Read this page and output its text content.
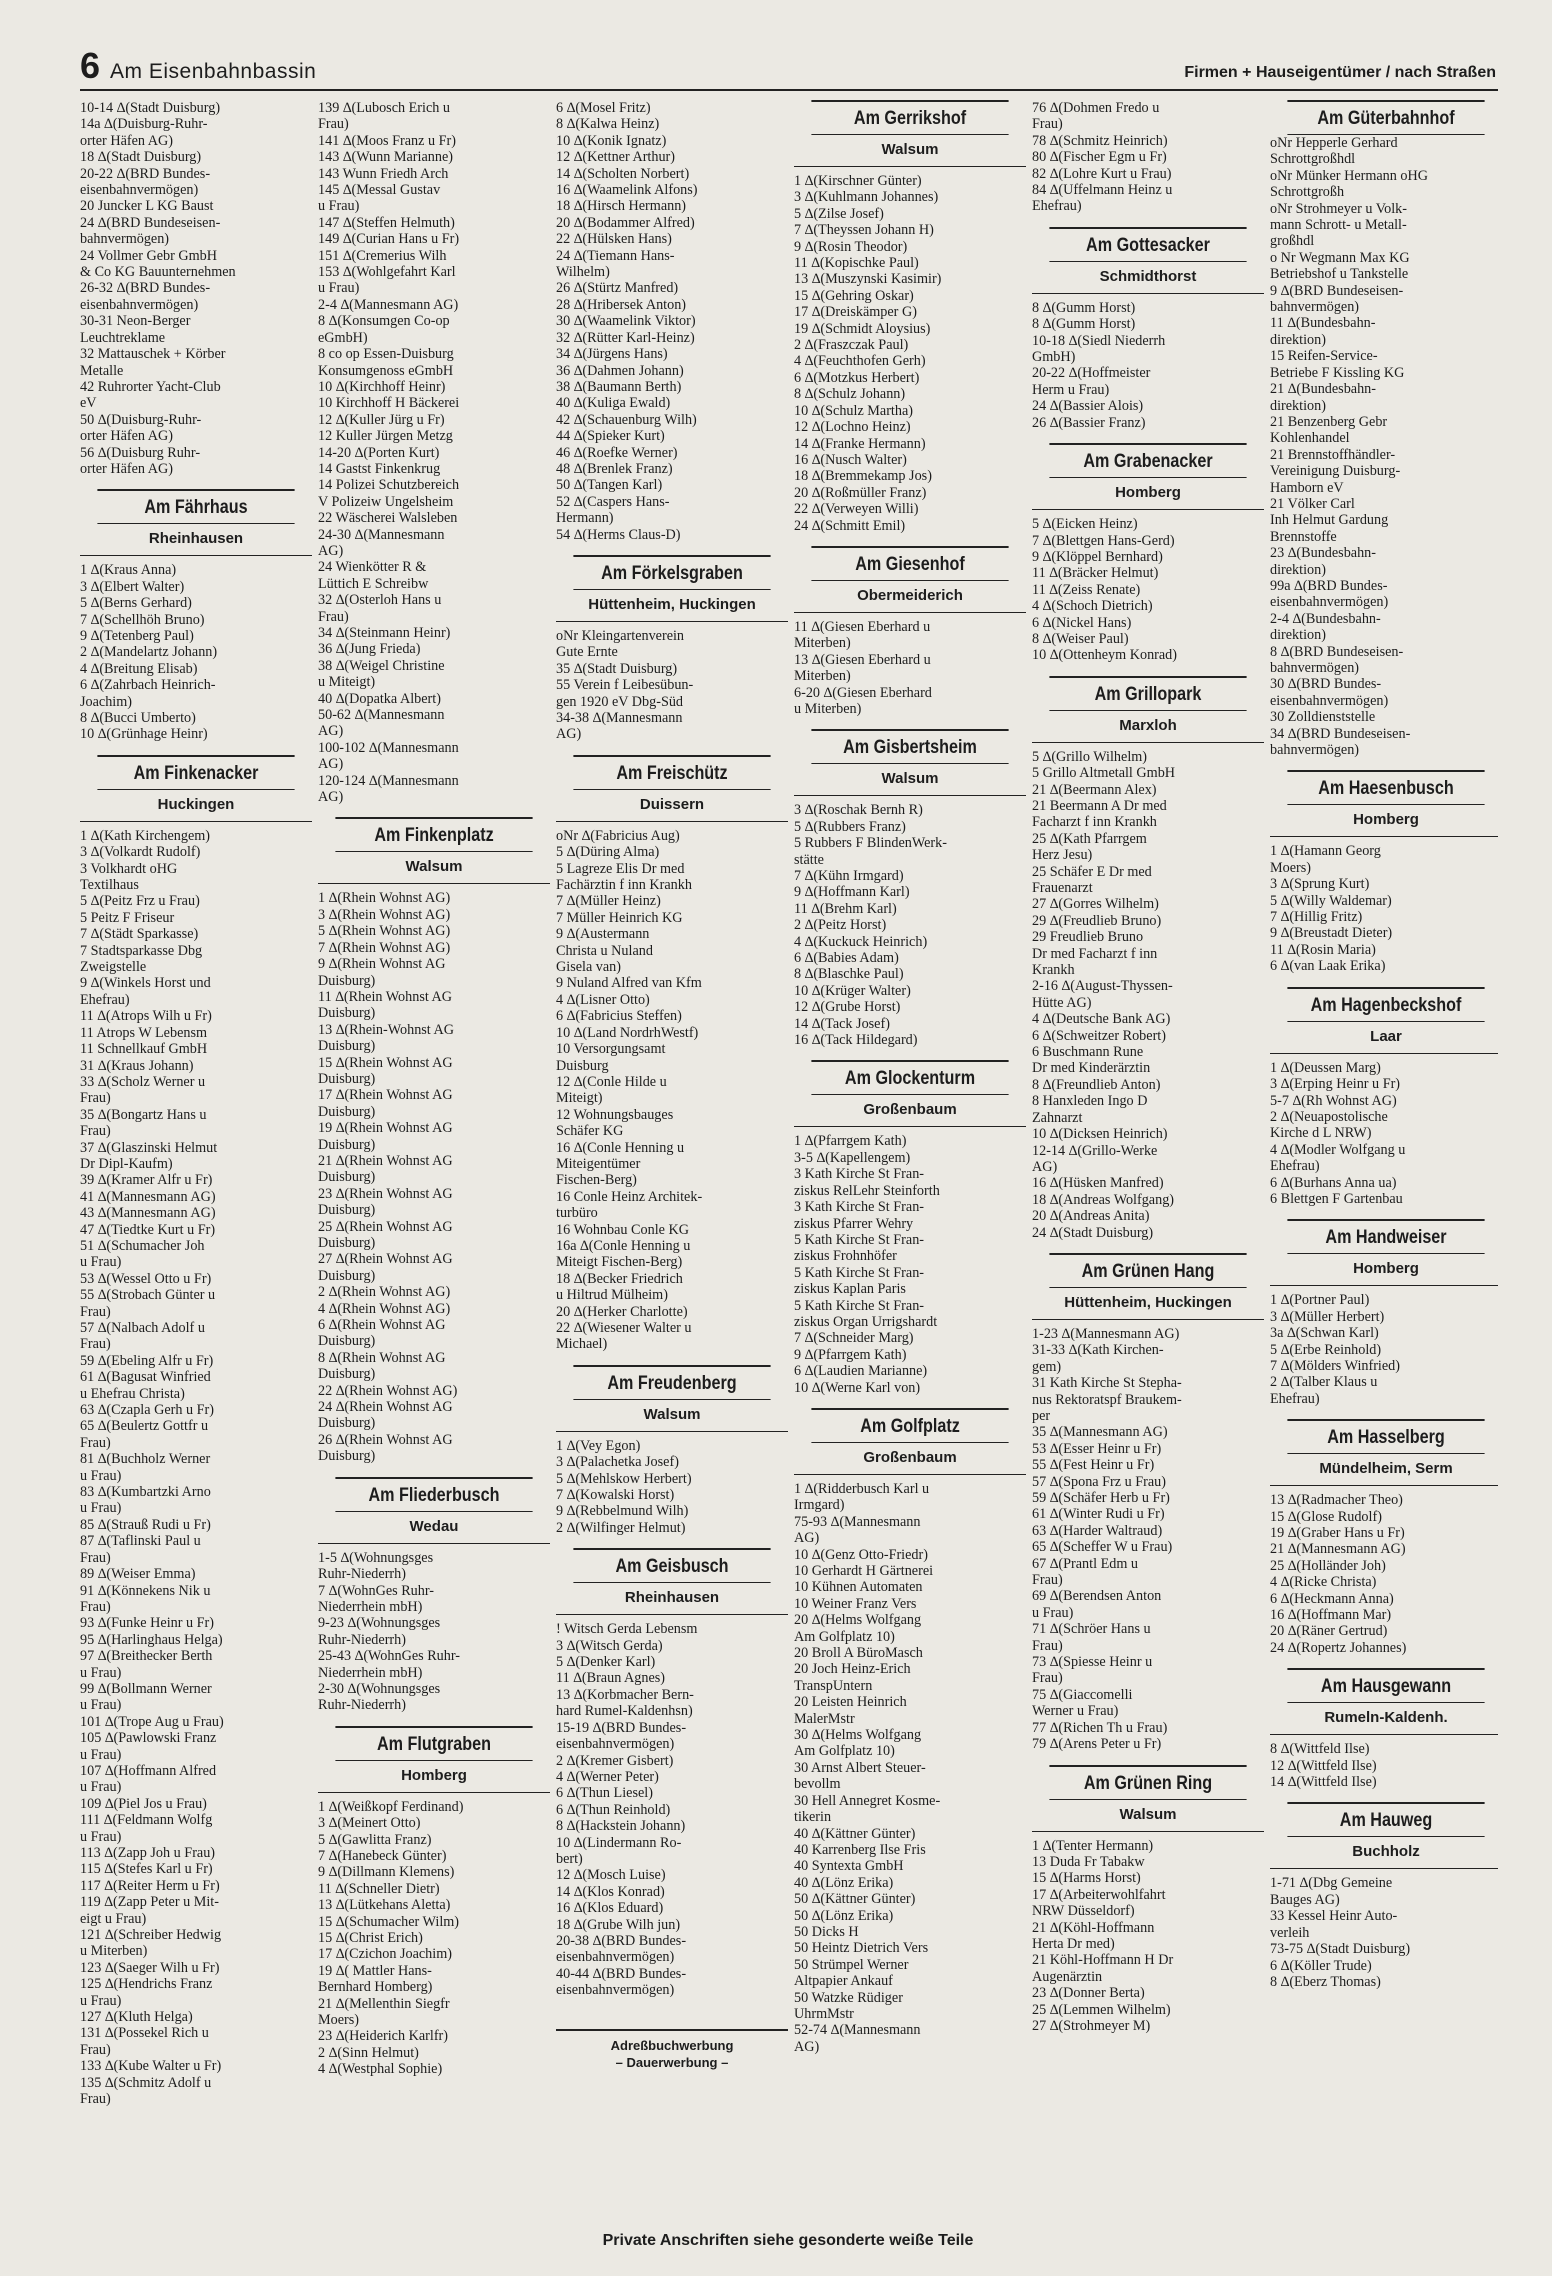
6 Am Eisenbahnbassin	Firmen + Hauseigentümer / nach Straßen
10-14 ∆(Stadt Duisburg)
14a ∆(Duisburg-Ruhr-
orter Häfen AG)
18 ∆(Stadt Duisburg)
20-22 ∆(BRD Bundes-
eisenbahnvermögen)
20 Juncker L KG Baust
24 ∆(BRD Bundeseisen-
bahnvermögen)
24 Vollmer Gebr GmbH
& Co KG Bauunternehmen
26-32 ∆(BRD Bundes-
eisenbahnvermögen)
30-31 Neon-Berger
Leuchtreklame
32 Mattauschek + Körber
Metalle
42 Ruhrorter Yacht-Club
eV
50 ∆(Duisburg-Ruhr-
orter Häfen AG)
56 ∆(Duisburg Ruhr-
orter Häfen AG)
Am Fährhaus
Rheinhausen
1 ∆(Kraus Anna)
3 ∆(Elbert Walter)
5 ∆(Berns Gerhard)
7 ∆(Schellhöh Bruno)
9 ∆(Tetenberg Paul)
2 ∆(Mandelartz Johann)
4 ∆(Breitung Elisab)
6 ∆(Zahrbach Heinrich-
Joachim)
8 ∆(Bucci Umberto)
10 ∆(Grünhage Heinr)
Am Finkenacker
Huckingen
1 ∆(Kath Kirchengem)
3 ∆(Volkardt Rudolf)
3 Volkhardt oHG
Textilhaus
5 ∆(Peitz Frz u Frau)
5 Peitz F Friseur
7 ∆(Städt Sparkasse)
7 Stadtsparkasse Dbg
Zweigstelle
9 ∆(Winkels Horst und
Ehefrau)
11 ∆(Atrops Wilh u Fr)
11 Atrops W Lebensm
11 Schnellkauf GmbH
31 ∆(Kraus Johann)
33 ∆(Scholz Werner u
Frau)
35 ∆(Bongartz Hans u
Frau)
37 ∆(Glaszinski Helmut
Dr Dipl-Kaufm)
39 ∆(Kramer Alfr u Fr)
41 ∆(Mannesmann AG)
43 ∆(Mannesmann AG)
47 ∆(Tiedtke Kurt u Fr)
51 ∆(Schumacher Joh
u Frau)
53 ∆(Wessel Otto u Fr)
55 ∆(Strobach Günter u
Frau)
57 ∆(Nalbach Adolf u
Frau)
59 ∆(Ebeling Alfr u Fr)
61 ∆(Bagusat Winfried
u Ehefrau Christa)
63 ∆(Czapla Gerh u Fr)
65 ∆(Beulertz Gottfr u
Frau)
81 ∆(Buchholz Werner
u Frau)
83 ∆(Kumbartzki Arno
u Frau)
85 ∆(Strauß Rudi u Fr)
87 ∆(Taflinski Paul u
Frau)
89 ∆(Weiser Emma)
91 ∆(Könnekens Nik u
Frau)
93 ∆(Funke Heinr u Fr)
95 ∆(Harlinghaus Helga)
97 ∆(Breithecker Berth
u Frau)
99 ∆(Bollmann Werner
u Frau)
101 ∆(Trope Aug u Frau)
105 ∆(Pawlowski Franz
u Frau)
107 ∆(Hoffmann Alfred
u Frau)
109 ∆(Piel Jos u Frau)
111 ∆(Feldmann Wolfg
u Frau)
113 ∆(Zapp Joh u Frau)
115 ∆(Stefes Karl u Fr)
117 ∆(Reiter Herm u Fr)
119 ∆(Zapp Peter u Mit-
eigt u Frau)
121 ∆(Schreiber Hedwig
u Miterben)
123 ∆(Saeger Wilh u Fr)
125 ∆(Hendrichs Franz
u Frau)
127 ∆(Kluth Helga)
131 ∆(Possekel Rich u
Frau)
133 ∆(Kube Walter u Fr)
135 ∆(Schmitz Adolf u
Frau)
139 ∆(Lubosch Erich u
Frau)
141 ∆(Moos Franz u Fr)
143 ∆(Wunn Marianne)
143 Wunn Friedh Arch
145 ∆(Messal Gustav
u Frau)
147 ∆(Steffen Helmuth)
149 ∆(Curian Hans u Fr)
151 ∆(Cremerius Wilh
153 ∆(Wohlgefahrt Karl
u Frau)
2-4 ∆(Mannesmann AG)
8 ∆(Konsumgen Co-op
eGmbH)
8 co op Essen-Duisburg
Konsumgenoss eGmbH
10 ∆(Kirchhoff Heinr)
10 Kirchhoff H Bäckerei
12 ∆(Kuller Jürg u Fr)
12 Kuller Jürgen Metzg
14-20 ∆(Porten Kurt)
14 Gastst Finkenkrug
14 Polizei Schutzbereich
V Polizeiw Ungelsheim
22 Wäscherei Walsleben
24-30 ∆(Mannesmann
AG)
24 Wienkötter R &
Lüttich E Schreibw
32 ∆(Osterloh Hans u
Frau)
34 ∆(Steinmann Heinr)
36 ∆(Jung Frieda)
38 ∆(Weigel Christine
u Miteigt)
40 ∆(Dopatka Albert)
50-62 ∆(Mannesmann
AG)
100-102 ∆(Mannesmann
AG)
120-124 ∆(Mannesmann
AG)
Am Finkenplatz
Walsum
1 ∆(Rhein Wohnst AG)
3 ∆(Rhein Wohnst AG)
5 ∆(Rhein Wohnst AG)
7 ∆(Rhein Wohnst AG)
9 ∆(Rhein Wohnst AG
Duisburg)
11 ∆(Rhein Wohnst AG
Duisburg)
13 ∆(Rhein-Wohnst AG
Duisburg)
15 ∆(Rhein Wohnst AG
Duisburg)
17 ∆(Rhein Wohnst AG
Duisburg)
19 ∆(Rhein Wohnst AG
Duisburg)
21 ∆(Rhein Wohnst AG
Duisburg)
23 ∆(Rhein Wohnst AG
Duisburg)
25 ∆(Rhein Wohnst AG
Duisburg)
27 ∆(Rhein Wohnst AG
Duisburg)
2 ∆(Rhein Wohnst AG)
4 ∆(Rhein Wohnst AG)
6 ∆(Rhein Wohnst AG
Duisburg)
8 ∆(Rhein Wohnst AG
Duisburg)
22 ∆(Rhein Wohnst AG)
24 ∆(Rhein Wohnst AG
Duisburg)
26 ∆(Rhein Wohnst AG
Duisburg)
Am Fliederbusch
Wedau
1-5 ∆(Wohnungsges
Ruhr-Niederrh)
7 ∆(WohnGes Ruhr-
Niederrhein mbH)
9-23 ∆(Wohnungsges
Ruhr-Niederrh)
25-43 ∆(WohnGes Ruhr-
Niederrhein mbH)
2-30 ∆(Wohnungsges
Ruhr-Niederrh)
Am Flutgraben
Homberg
1 ∆(Weißkopf Ferdinand)
3 ∆(Meinert Otto)
5 ∆(Gawlitta Franz)
7 ∆(Hanebeck Günter)
9 ∆(Dillmann Klemens)
11 ∆(Schneller Dietr)
13 ∆(Lütkehans Aletta)
15 ∆(Schumacher Wilm)
15 ∆(Christ Erich)
17 ∆(Czichon Joachim)
19 ∆( Mattler Hans-
Bernhard Homberg)
21 ∆(Mellenthin Siegfr
Moers)
23 ∆(Heiderich Karlfr)
2 ∆(Sinn Helmut)
4 ∆(Westphal Sophie)
6 ∆(Mosel Fritz)
8 ∆(Kalwa Heinz)
10 ∆(Konik Ignatz)
12 ∆(Kettner Arthur)
14 ∆(Scholten Norbert)
16 ∆(Waamelink Alfons)
18 ∆(Hirsch Hermann)
20 ∆(Bodammer Alfred)
22 ∆(Hülsken Hans)
24 ∆(Tiemann Hans-
Wilhelm)
26 ∆(Stürtz Manfred)
28 ∆(Hribersek Anton)
30 ∆(Waamelink Viktor)
32 ∆(Rütter Karl-Heinz)
34 ∆(Jürgens Hans)
36 ∆(Dahmen Johann)
38 ∆(Baumann Berth)
40 ∆(Kuliga Ewald)
42 ∆(Schauenburg Wilh)
44 ∆(Spieker Kurt)
46 ∆(Roefke Werner)
48 ∆(Brenlek Franz)
50 ∆(Tangen Karl)
52 ∆(Caspers Hans-
Hermann)
54 ∆(Herms Claus-D)
Am Förkelsgraben
Hüttenheim, Huckingen
oNr Kleingartenverein
Gute Ernte
35 ∆(Stadt Duisburg)
55 Verein f Leibesübun-
gen 1920 eV Dbg-Süd
34-38 ∆(Mannesmann
AG)
Am Freischütz
Duissern
oNr ∆(Fabricius Aug)
5 ∆(Düring Alma)
5 Lagreze Elis Dr med
Fachärztin f inn Krankh
7 ∆(Müller Heinz)
7 Müller Heinrich KG
9 ∆(Austermann
Christa u Nuland
Gisela van)
9 Nuland Alfred van Kfm
4 ∆(Lisner Otto)
6 ∆(Fabricius Steffen)
10 ∆(Land NordrhWestf)
10 Versorgungsamt
Duisburg
12 ∆(Conle Hilde u
Miteigt)
12 Wohnungsbauges
Schäfer KG
16 ∆(Conle Henning u
Miteigentümer
Fischen-Berg)
16 Conle Heinz Architek-
turbüro
16 Wohnbau Conle KG
16a ∆(Conle Henning u
Miteigt Fischen-Berg)
18 ∆(Becker Friedrich
u Hiltrud Mülheim)
20 ∆(Herker Charlotte)
22 ∆(Wiesener Walter u
Michael)
Am Freudenberg
Walsum
1 ∆(Vey Egon)
3 ∆(Palachetka Josef)
5 ∆(Mehlskow Herbert)
7 ∆(Kowalski Horst)
9 ∆(Rebbelmund Wilh)
2 ∆(Wilfinger Helmut)
Am Geisbusch
Rheinhausen
! Witsch Gerda Lebensm
3 ∆(Witsch Gerda)
5 ∆(Denker Karl)
11 ∆(Braun Agnes)
13 ∆(Korbmacher Bern-
hard Rumel-Kaldenhsn)
15-19 ∆(BRD Bundes-
eisenbahnvermögen)
2 ∆(Kremer Gisbert)
4 ∆(Werner Peter)
6 ∆(Thun Liesel)
6 ∆(Thun Reinhold)
8 ∆(Hackstein Johann)
10 ∆(Lindermann Ro-
bert)
12 ∆(Mosch Luise)
14 ∆(Klos Konrad)
16 ∆(Klos Eduard)
18 ∆(Grube Wilh jun)
20-38 ∆(BRD Bundes-
eisenbahnvermögen)
40-44 ∆(BRD Bundes-
eisenbahnvermögen)
Adreßbuchwerbung
– Dauerwerbung –
Am Gerrikshof
Walsum
1 ∆(Kirschner Günter)
3 ∆(Kuhlmann Johannes)
5 ∆(Zilse Josef)
7 ∆(Theyssen Johann H)
9 ∆(Rosin Theodor)
11 ∆(Kopischke Paul)
13 ∆(Muszynski Kasimir)
15 ∆(Gehring Oskar)
17 ∆(Dreiskämper G)
19 ∆(Schmidt Aloysius)
2 ∆(Fraszczak Paul)
4 ∆(Feuchthofen Gerh)
6 ∆(Motzkus Herbert)
8 ∆(Schulz Johann)
10 ∆(Schulz Martha)
12 ∆(Lochno Heinz)
14 ∆(Franke Hermann)
16 ∆(Nusch Walter)
18 ∆(Bremmekamp Jos)
20 ∆(Roßmüller Franz)
22 ∆(Verweyen Willi)
24 ∆(Schmitt Emil)
Am Giesenhof
Obermeiderich
11 ∆(Giesen Eberhard u
Miterben)
13 ∆(Giesen Eberhard u
Miterben)
6-20 ∆(Giesen Eberhard
u Miterben)
Am Gisbertsheim
Walsum
3 ∆(Roschak Bernh R)
5 ∆(Rubbers Franz)
5 Rubbers F BlindenWerk-
stätte
7 ∆(Kühn Irmgard)
9 ∆(Hoffmann Karl)
11 ∆(Brehm Karl)
2 ∆(Peitz Horst)
4 ∆(Kuckuck Heinrich)
6 ∆(Babies Adam)
8 ∆(Blaschke Paul)
10 ∆(Krüger Walter)
12 ∆(Grube Horst)
14 ∆(Tack Josef)
16 ∆(Tack Hildegard)
Am Glockenturm
Großenbaum
1 ∆(Pfarrgem Kath)
3-5 ∆(Kapellengem)
3 Kath Kirche St Fran-
ziskus RelLehr Steinforth
3 Kath Kirche St Fran-
ziskus Pfarrer Wehry
5 Kath Kirche St Fran-
ziskus Frohnhöfer
5 Kath Kirche St Fran-
ziskus Kaplan Paris
5 Kath Kirche St Fran-
ziskus Organ Urrigshardt
7 ∆(Schneider Marg)
9 ∆(Pfarrgem Kath)
6 ∆(Laudien Marianne)
10 ∆(Werne Karl von)
Am Golfplatz
Großenbaum
1 ∆(Ridderbusch Karl u
Irmgard)
75-93 ∆(Mannesmann
AG)
10 ∆(Genz Otto-Friedr)
10 Gerhardt H Gärtnerei
10 Kühnen Automaten
10 Weiner Franz Vers
20 ∆(Helms Wolfgang
Am Golfplatz 10)
20 Broll A BüroMasch
20 Joch Heinz-Erich
TranspUntern
20 Leisten Heinrich
MalerMstr
30 ∆(Helms Wolfgang
Am Golfplatz 10)
30 Arnst Albert Steuer-
bevollm
30 Hell Annegret Kosme-
tikerin
40 ∆(Kättner Günter)
40 Karrenberg Ilse Fris
40 Syntexta GmbH
40 ∆(Lönz Erika)
50 ∆(Kättner Günter)
50 ∆(Lönz Erika)
50 Dicks H
50 Heintz Dietrich Vers
50 Strümpel Werner
Altpapier Ankauf
50 Watzke Rüdiger
UhrmMstr
52-74 ∆(Mannesmann
AG)
76 ∆(Dohmen Fredo u
Frau)
78 ∆(Schmitz Heinrich)
80 ∆(Fischer Egm u Fr)
82 ∆(Lohre Kurt u Frau)
84 ∆(Uffelmann Heinz u
Ehefrau)
Am Gottesacker
Schmidthorst
8 ∆(Gumm Horst)
8 ∆(Gumm Horst)
10-18 ∆(Siedl Niederrh
GmbH)
20-22 ∆(Hoffmeister
Herm u Frau)
24 ∆(Bassier Alois)
26 ∆(Bassier Franz)
Am Grabenacker
Homberg
5 ∆(Eicken Heinz)
7 ∆(Blettgen Hans-Gerd)
9 ∆(Klöppel Bernhard)
11 ∆(Bräcker Helmut)
11 ∆(Zeiss Renate)
4 ∆(Schoch Dietrich)
6 ∆(Nickel Hans)
8 ∆(Weiser Paul)
10 ∆(Ottenheym Konrad)
Am Grillopark
Marxloh
5 ∆(Grillo Wilhelm)
5 Grillo Altmetall GmbH
21 ∆(Beermann Alex)
21 Beermann A Dr med
Facharzt f inn Krankh
25 ∆(Kath Pfarrgem
Herz Jesu)
25 Schäfer E Dr med
Frauenarzt
27 ∆(Gorres Wilhelm)
29 ∆(Freudlieb Bruno)
29 Freudlieb Bruno
Dr med Facharzt f inn
Krankh
2-16 ∆(August-Thyssen-
Hütte AG)
4 ∆(Deutsche Bank AG)
6 ∆(Schweitzer Robert)
6 Buschmann Rune
Dr med Kinderärztin
8 ∆(Freundlieb Anton)
8 Hanxleden Ingo D
Zahnarzt
10 ∆(Dicksen Heinrich)
12-14 ∆(Grillo-Werke
AG)
16 ∆(Hüsken Manfred)
18 ∆(Andreas Wolfgang)
20 ∆(Andreas Anita)
24 ∆(Stadt Duisburg)
Am Grünen Hang
Hüttenheim, Huckingen
1-23 ∆(Mannesmann AG)
31-33 ∆(Kath Kirchen-
gem)
31 Kath Kirche St Stepha-
nus Rektoratspf Braukem-
per
35 ∆(Mannesmann AG)
53 ∆(Esser Heinr u Fr)
55 ∆(Fest Heinr u Fr)
57 ∆(Spona Frz u Frau)
59 ∆(Schäfer Herb u Fr)
61 ∆(Winter Rudi u Fr)
63 ∆(Harder Waltraud)
65 ∆(Scheffer W u Frau)
67 ∆(Prantl Edm u
Frau)
69 ∆(Berendsen Anton
u Frau)
71 ∆(Schröer Hans u
Frau)
73 ∆(Spiesse Heinr u
Frau)
75 ∆(Giaccomelli
Werner u Frau)
77 ∆(Richen Th u Frau)
79 ∆(Arens Peter u Fr)
Am Grünen Ring
Walsum
1 ∆(Tenter Hermann)
13 Duda Fr Tabakw
15 ∆(Harms Horst)
17 ∆(Arbeiterwohlfahrt
NRW Düsseldorf)
21 ∆(Köhl-Hoffmann
Herta Dr med)
21 Köhl-Hoffmann H Dr
Augenärztin
23 ∆(Donner Berta)
25 ∆(Lemmen Wilhelm)
27 ∆(Strohmeyer M)
Am Güterbahnhof
oNr Hepperle Gerhard
Schrottgroßhdl
oNr Münker Hermann oHG
Schrottgroßh
oNr Strohmeyer u Volk-
mann Schrott- u Metall-
großhdl
o Nr Wegmann Max KG
Betriebshof u Tankstelle
9 ∆(BRD Bundeseisen-
bahnvermögen)
11 ∆(Bundesbahn-
direktion)
15 Reifen-Service-
Betriebe F Kissling KG
21 ∆(Bundesbahn-
direktion)
21 Benzenberg Gebr
Kohlenhandel
21 Brennstoffhändler-
Vereinigung Duisburg-
Hamborn eV
21 Völker Carl
Inh Helmut Gardung
Brennstoffe
23 ∆(Bundesbahn-
direktion)
99a ∆(BRD Bundes-
eisenbahnvermögen)
2-4 ∆(Bundesbahn-
direktion)
8 ∆(BRD Bundeseisen-
bahnvermögen)
30 ∆(BRD Bundes-
eisenbahnvermögen)
30 Zolldienststelle
34 ∆(BRD Bundeseisen-
bahnvermögen)
Am Haesenbusch
Homberg
1 ∆(Hamann Georg
Moers)
3 ∆(Sprung Kurt)
5 ∆(Willy Waldemar)
7 ∆(Hillig Fritz)
9 ∆(Breustadt Dieter)
11 ∆(Rosin Maria)
6 ∆(van Laak Erika)
Am Hagenbeckshof
Laar
1 ∆(Deussen Marg)
3 ∆(Erping Heinr u Fr)
5-7 ∆(Rh Wohnst AG)
2 ∆(Neuapostolische
Kirche d L NRW)
4 ∆(Modler Wolfgang u
Ehefrau)
6 ∆(Burhans Anna ua)
6 Blettgen F Gartenbau
Am Handweiser
Homberg
1 ∆(Portner Paul)
3 ∆(Müller Herbert)
3a ∆(Schwan Karl)
5 ∆(Erbe Reinhold)
7 ∆(Mölders Winfried)
2 ∆(Talber Klaus u
Ehefrau)
Am Hasselberg
Mündelheim, Serm
13 ∆(Radmacher Theo)
15 ∆(Glose Rudolf)
19 ∆(Graber Hans u Fr)
21 ∆(Mannesmann AG)
25 ∆(Holländer Joh)
4 ∆(Ricke Christa)
6 ∆(Heckmann Anna)
16 ∆(Hoffmann Mar)
20 ∆(Räner Gertrud)
24 ∆(Ropertz Johannes)
Am Hausgewann
Rumeln-Kaldenh.
8 ∆(Wittfeld Ilse)
12 ∆(Wittfeld Ilse)
14 ∆(Wittfeld Ilse)
Am Hauweg
Buchholz
1-71 ∆(Dbg Gemeine
Bauges AG)
33 Kessel Heinr Auto-
verleih
73-75 ∆(Stadt Duisburg)
6 ∆(Köller Trude)
8 ∆(Eberz Thomas)
Private Anschriften siehe gesonderte weiße Teile
